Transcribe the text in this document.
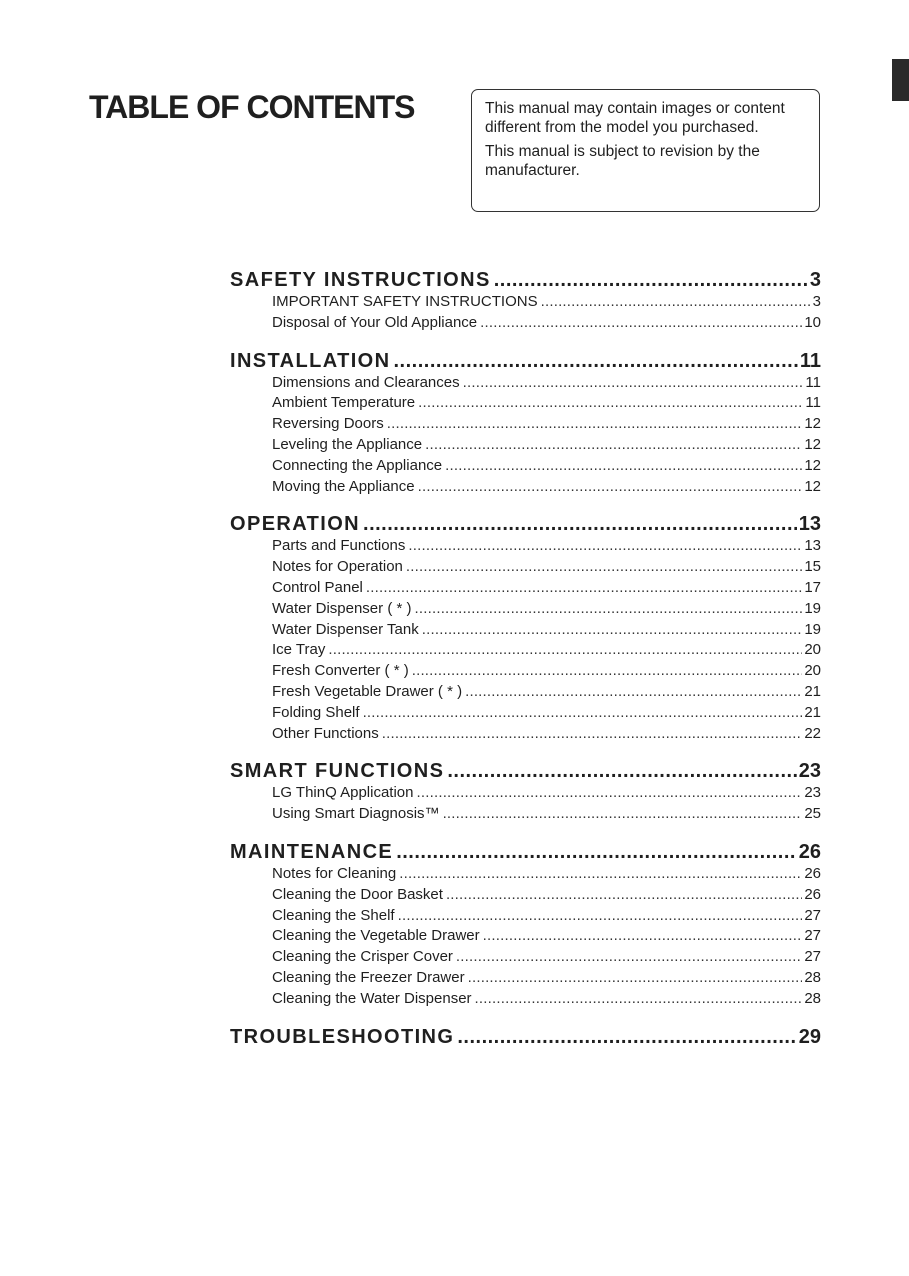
TABLE OF CONTENTS	This manual may contain images or content different from the model you purchased.

This manual is subject to revision by the manufacturer.

SAFETY INSTRUCTIONS .....	3
IMPORTANT SAFETY INSTRUCTIONS .....	3
Disposal of Your Old Appliance .....	10
INSTALLATION .....	11
Dimensions and Clearances .....	11
Ambient Temperature .....	11
Reversing Doors .....	12
Leveling the Appliance .....	12
Connecting the Appliance .....	12
Moving the Appliance .....	12
OPERATION .....	13
Parts and Functions .....	13
Notes for Operation .....	15
Control Panel .....	17
Water Dispenser ( * ) .....	19
Water Dispenser Tank .....	19
Ice Tray .....	20
Fresh Converter ( * ) .....	20
Fresh Vegetable Drawer ( * ) .....	21
Folding Shelf .....	21
Other Functions .....	22
SMART FUNCTIONS .....	23
LG ThinQ Application .....	23
Using Smart Diagnosis™ .....	25
MAINTENANCE .....	26
Notes for Cleaning .....	26
Cleaning the Door Basket .....	26
Cleaning the Shelf .....	27
Cleaning the Vegetable Drawer .....	27
Cleaning the Crisper Cover .....	27
Cleaning the Freezer Drawer .....	28
Cleaning the Water Dispenser .....	28
TROUBLESHOOTING .....	29
